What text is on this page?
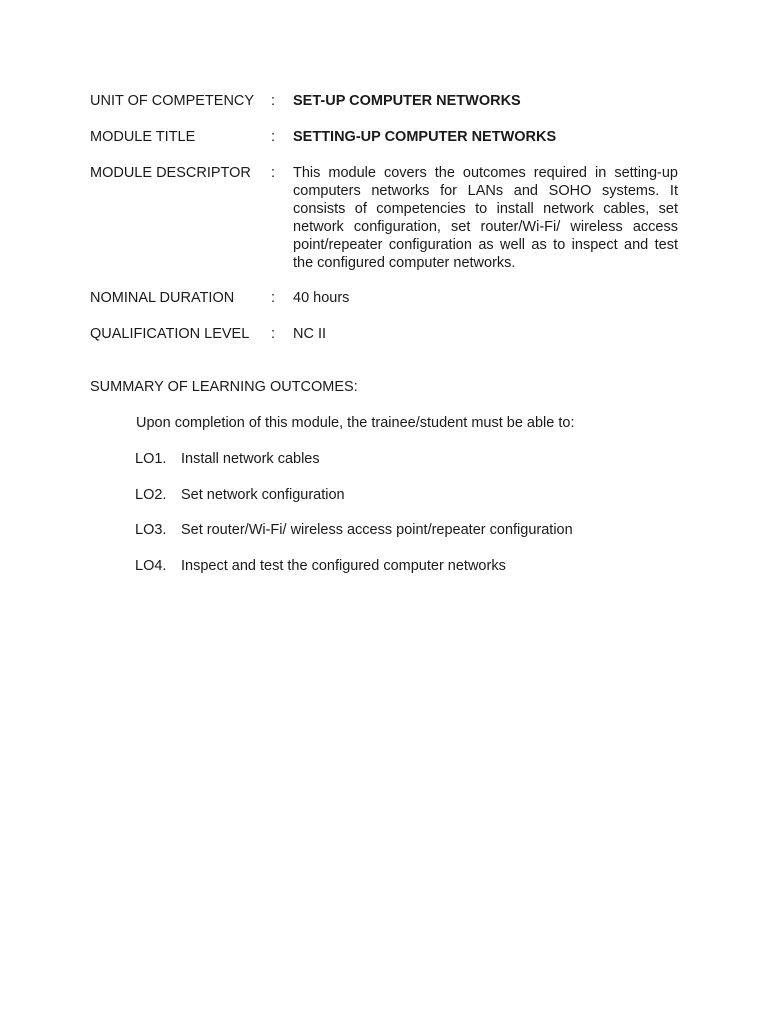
UNIT OF COMPETENCY : SET-UP COMPUTER NETWORKS
MODULE TITLE	: SETTING-UP COMPUTER NETWORKS
MODULE DESCRIPTOR : This module covers the outcomes required in setting-up computers networks for LANs and SOHO systems. It consists of competencies to install network cables, set network configuration, set router/Wi-Fi/ wireless access point/repeater configuration as well as to inspect and test the configured computer networks.
NOMINAL DURATION	: 40 hours
QUALIFICATION LEVEL : NC II
SUMMARY OF LEARNING OUTCOMES:
Upon completion of this module, the trainee/student must be able to:
LO1. Install network cables
LO2. Set network configuration
LO3. Set router/Wi-Fi/ wireless access point/repeater configuration
LO4. Inspect and test the configured computer networks
